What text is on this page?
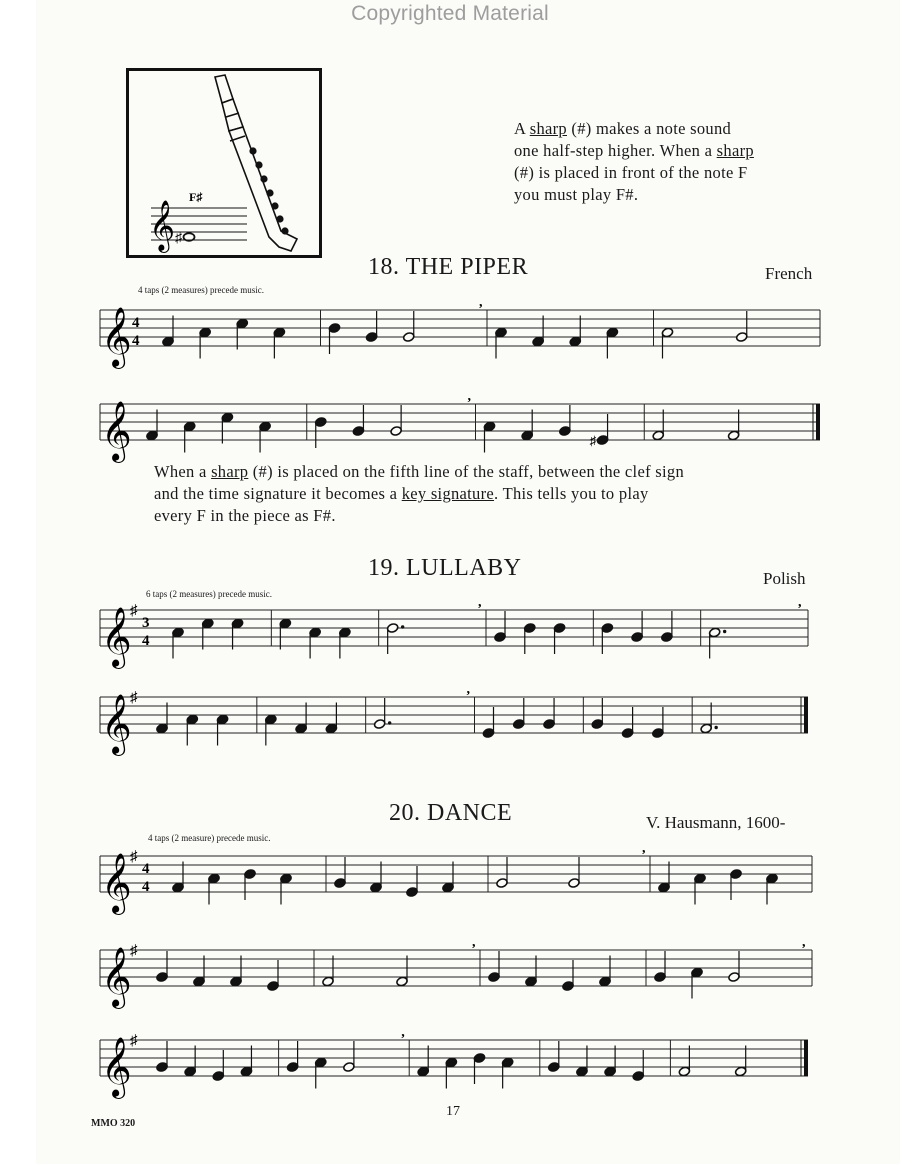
Copyrighted Material
F♯
𝄞 ♯
A sharp (#) makes a note sound
one half-step higher. When a sharp
(#) is placed in front of the note F
you must play F#.
18. THE PIPER	French
4 taps (2 measures) precede music.
When a sharp (#) is placed on the fifth line of the staff, between the clef sign
and the time signature it becomes a key signature. This tells you to play
every F in the piece as F#.
19. LULLABY	Polish
6 taps (2 measures) precede music.
20. DANCE	V. Hausmann, 1600-
4 taps (2 measure) precede music.
𝄞 4
4
,
𝄞	♯
,
𝄞
♯
3
4
,	,
𝄞
♯
,
𝄞
♯
4
4
,
𝄞
♯
,	,
𝄞
♯
,
MMO 320
17
